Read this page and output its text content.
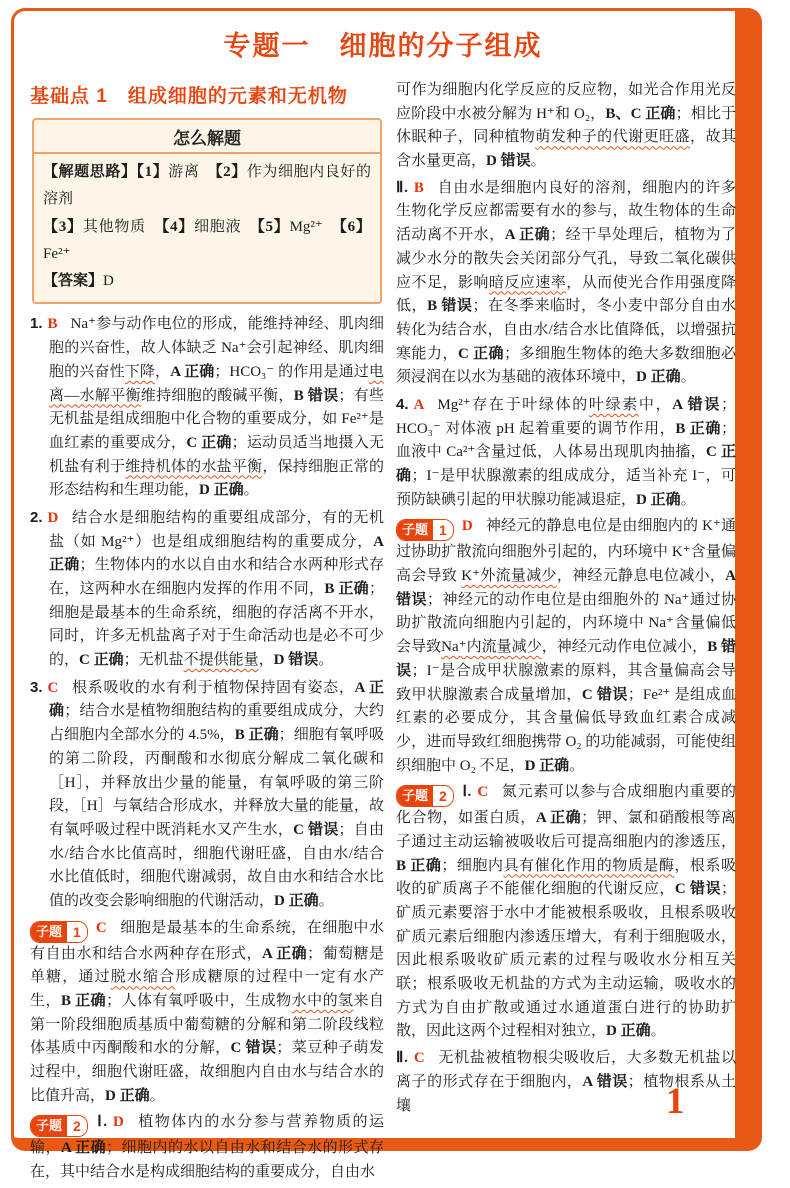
专题一　细胞的分子组成
基础点 1　组成细胞的元素和无机物
怎么解题
【解题思路】【1】游离　【2】作为细胞内良好的溶剂
【3】其他物质　【4】细胞液　【5】Mg²⁺　【6】Fe²⁺
【答案】D
1. B Na⁺参与动作电位的形成，能维持神经、肌肉细胞的兴奋性，故人体缺乏 Na⁺会引起神经、肌肉细胞的兴奋性下降，A 正确；HCO₃⁻ 的作用是通过电离—水解平衡维持细胞的酸碱平衡，B 错误；有些无机盐是组成细胞中化合物的重要成分，如 Fe²⁺是血红素的重要成分，C 正确；运动员适当地摄入无机盐有利于维持机体的水盐平衡，保持细胞正常的形态结构和生理功能，D 正确。
2. D 结合水是细胞结构的重要组成部分，有的无机盐（如 Mg²⁺）也是组成细胞结构的重要成分，A 正确；生物体内的水以自由水和结合水两种形式存在，这两种水在细胞内发挥的作用不同，B 正确；细胞是最基本的生命系统，细胞的存活离不开水，同时，许多无机盐离子对于生命活动也是必不可少的，C 正确；无机盐不提供能量，D 错误。
3. C 根系吸收的水有利于植物保持固有姿态，A 正确；结合水是植物细胞结构的重要组成成分，大约占细胞内全部水分的 4.5%，B 正确；细胞有氧呼吸的第二阶段，丙酮酸和水彻底分解成二氧化碳和［H］，并释放出少量的能量，有氧呼吸的第三阶段，［H］与氧结合形成水，并释放大量的能量，故有氧呼吸过程中既消耗水又产生水，C 错误；自由水/结合水比值高时，细胞代谢旺盛，自由水/结合水比值低时，细胞代谢减弱，故自由水和结合水比值的改变会影响细胞的代谢活动，D 正确。
子题 1	C 细胞是最基本的生命系统，在细胞中水有自由水和结合水两种存在形式，A 正确；葡萄糖是单糖，通过脱水缩合形成糖原的过程中一定有水产生，B 正确；人体有氧呼吸中，生成物水中的氢来自第一阶段细胞质基质中葡萄糖的分解和第二阶段线粒体基质中丙酮酸和水的分解，C 错误；菜豆种子萌发过程中，细胞代谢旺盛，故细胞内自由水与结合水的比值升高，D 正确。
子题 2	Ⅰ. D 植物体内的水分参与营养物质的运输，A 正确；细胞内的水以自由水和结合水的形式存在，其中结合水是构成细胞结构的重要成分，自由水
可作为细胞内化学反应的反应物，如光合作用光反应阶段中水被分解为 H⁺和 O₂，B、C 正确；相比于休眠种子，同种植物萌发种子的代谢更旺盛，故其含水量更高，D 错误。
Ⅱ. B 自由水是细胞内良好的溶剂，细胞内的许多生物化学反应都需要有水的参与，故生物体的生命活动离不开水，A 正确；经干旱处理后，植物为了减少水分的散失会关闭部分气孔，导致二氧化碳供应不足，影响暗反应速率，从而使光合作用强度降低，B 错误；在冬季来临时，冬小麦中部分自由水转化为结合水，自由水/结合水比值降低，以增强抗寒能力，C 正确；多细胞生物体的绝大多数细胞必须浸润在以水为基础的液体环境中，D 正确。
4. A Mg²⁺存在于叶绿体的叶绿素中，A 错误；HCO₃⁻ 对体液 pH 起着重要的调节作用，B 正确；血液中 Ca²⁺含量过低，人体易出现肌肉抽搐，C 正确；I⁻是甲状腺激素的组成成分，适当补充 I⁻，可预防缺碘引起的甲状腺功能减退症，D 正确。
子题 1	D 神经元的静息电位是由细胞内的 K⁺通过协助扩散流向细胞外引起的，内环境中 K⁺含量偏高会导致 K⁺外流量减少，神经元静息电位减小，A 错误；神经元的动作电位是由细胞外的 Na⁺通过协助扩散流向细胞内引起的，内环境中 Na⁺含量偏低会导致Na⁺内流量减少，神经元动作电位减小，B 错误；I⁻是合成甲状腺激素的原料，其含量偏高会导致甲状腺激素合成量增加，C 错误；Fe²⁺ 是组成血红素的必要成分，其含量偏低导致血红素合成减少，进而导致红细胞携带 O₂ 的功能减弱，可能使组织细胞中 O₂ 不足，D 正确。
子题 2	Ⅰ. C 氮元素可以参与合成细胞内重要的化合物，如蛋白质，A 正确；钾、氯和硝酸根等离子通过主动运输被吸收后可提高细胞内的渗透压，B 正确；细胞内具有催化作用的物质是酶，根系吸收的矿质离子不能催化细胞的代谢反应，C 错误；矿质元素要溶于水中才能被根系吸收，且根系吸收矿质元素后细胞内渗透压增大，有利于细胞吸水，因此根系吸收矿质元素的过程与吸收水分相互关联；根系吸收无机盐的方式为主动运输，吸收水的方式为自由扩散或通过水通道蛋白进行的协助扩散，因此这两个过程相对独立，D 正确。
Ⅱ. C 无机盐被植物根尖吸收后，大多数无机盐以离子的形式存在于细胞内，A 错误；植物根系从土壤	1
